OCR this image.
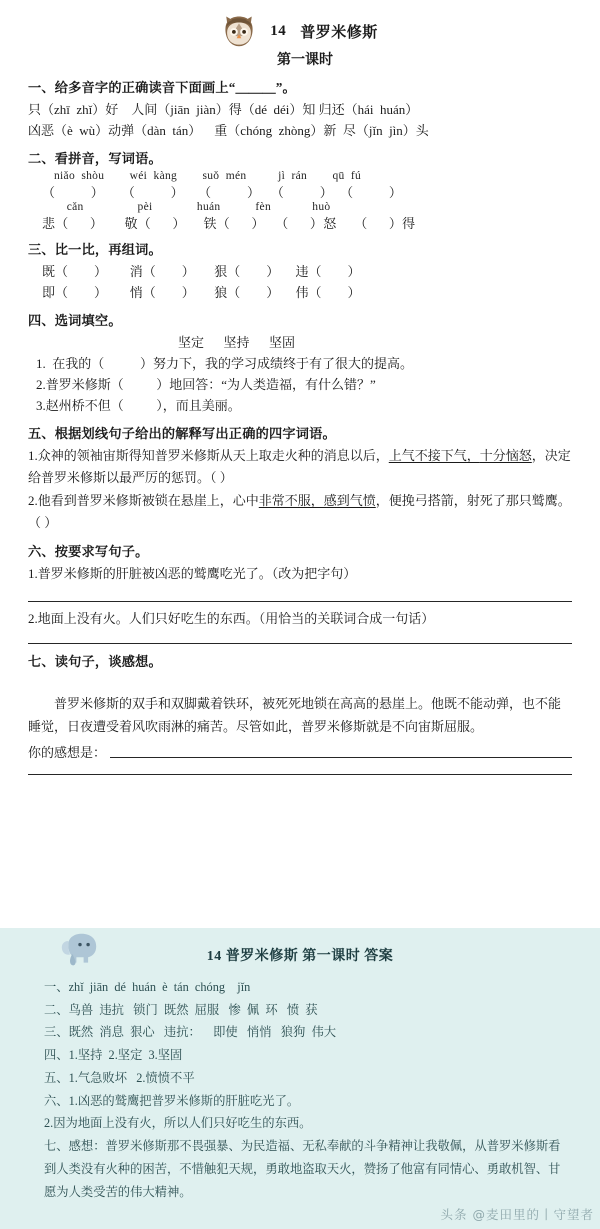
14 普罗米修斯
第一课时
一、给多音字的正确读音下面画上“＿＿＿”。
只（zhī  zhǐ）好    人间（jiān  jiàn）得（dé  déi）知 归还（hái  huán）
凶恶（è  wù）动弹（dàn  tán）    重（chóng  zhòng）新  尽（jǐn  jìn）头
二、看拼音，写词语。
niǎo  shòu        wéi  kàng        suǒ  mén          jì  rán        qū  fú
（          ）     （          ）    （          ）   （          ）  （          ）
cǎn                 pèi              huán           fèn             huò
悲（      ）      敬（      ）     铁（      ）   （      ）怒     （      ）得
三、比一比，再组词。
既（        ）       消（        ）      狠（        ）     违（        ）
即（        ）       悄（        ）      狼（        ）     伟（        ）
四、选词填空。
坚定      坚持      坚固
1.  在我的（           ）努力下，我的学习成绩终于有了很大的提高。
2.普罗米修斯（          ）地回答：“为人类造福，有什么错？”
3.赵州桥不但（          ），而且美丽。
五、根据划线句子给出的解释写出正确的四字词语。
1.众神的领袖宙斯得知普罗米修斯从天上取走火种的消息以后，上气不接下气，十分恼怒，决定给普罗米修斯以最严厉的惩罚。（ ）
2.他看到普罗米修斯被锁在悬崖上，心中非常不服，感到气愤，便挽弓搭箭，射死了那只鹫鹰。（ ）
六、按要求写句子。
1.普罗米修斯的肝脏被凶恶的鹫鹰吃光了。（改为把字句）
2.地面上没有火。人们只好吃生的东西。（用恰当的关联词合成一句话）
七、读句子，谈感想。
普罗米修斯的双手和双脚戴着铁环，被死死地锁在高高的悬崖上。他既不能动弹，也不能睡觉，日夜遭受着风吹雨淋的痛苦。尽管如此，普罗米修斯就是不向宙斯屈服。
你的感想是：
14 普罗米修斯 第一课时 答案
一、zhǐ  jiān  dé  huán  è  tán  chóng    jǐn
二、鸟兽  违抗   锁门  既然  屈服   惨  佩  环   愤  获
三、既然  消息  狠心   违抗：    即使   悄悄   狼狗  伟大
四、1.坚持  2.坚定  3.坚固
五、1.气急败坏   2.愤愤不平
六、1.凶恶的鹫鹰把普罗米修斯的肝脏吃光了。
2.因为地面上没有火，所以人们只好吃生的东西。
七、感想：普罗米修斯那不畏强暴、为民造福、无私奉献的斗争精神让我敬佩，从普罗米修斯看到人类没有火种的困苦，不惜触犯天规，勇敢地盗取天火，赞扬了他富有同情心、勇敢机智、甘愿为人类受苦的伟大精神。
头条 @麦田里的丨守望者
